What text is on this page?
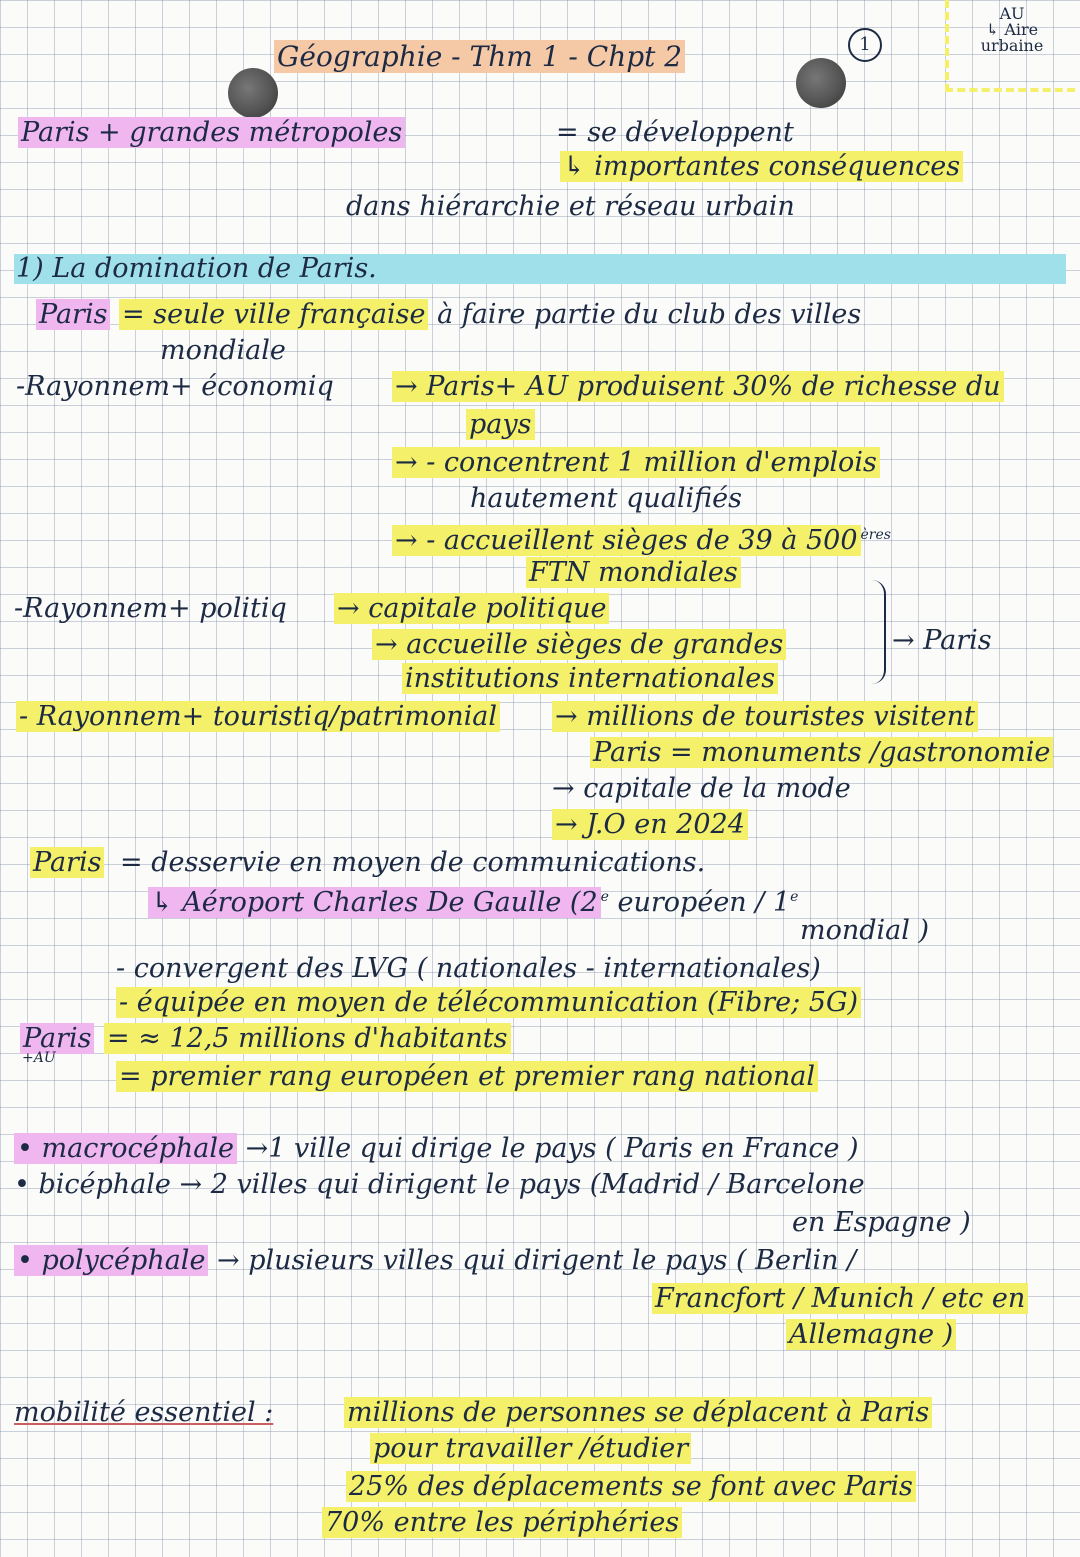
Géographie - Thm 1 - Chpt 2	1
AU
↳ Aire
urbaine
Paris + grandes métropoles	= se développent
↳ importantes conséquences
dans hiérarchie et réseau urbain
1) La domination de Paris.
Paris = seule ville française à faire partie du club des villes
mondiale
-Rayonnem+ économiq → Paris+ AU produisent 30% de richesse du
pays
→ - concentrent 1 million d'emplois
hautement qualifiés
→ - accueillent sièges de 39 à 500 $^{ères}$
FTN mondiales
-Rayonnem+ politiq → capitale politique
→ accueille sièges de grandes
institutions internationales
→ Paris
- Rayonnem+ touristiq/patrimonial → millions de touristes visitent
Paris = monuments /gastronomie
→ capitale de la mode
→ J.O en 2024
Paris = desservie en moyen de communications.
↳ Aéroport Charles De Gaulle (2 $^e$ européen / 1e
mondial )
- convergent des LVG ( nationales - internationales)
- équipée en moyen de télécommunication (Fibre; 5G)
Paris
+AU
= ≈ 12,5 millions d'habitants
= premier rang européen et premier rang national
• macrocéphale →1 ville qui dirige le pays ( Paris en France )
• bicéphale → 2 villes qui dirigent le pays (Madrid / Barcelone
en Espagne )
• polycéphale → plusieurs villes qui dirigent le pays ( Berlin /
Francfort / Munich / etc en
Allemagne )
mobilité essentiel :	millions de personnes se déplacent à Paris
pour travailler /étudier
25% des déplacements se font avec Paris
70% entre les périphéries
